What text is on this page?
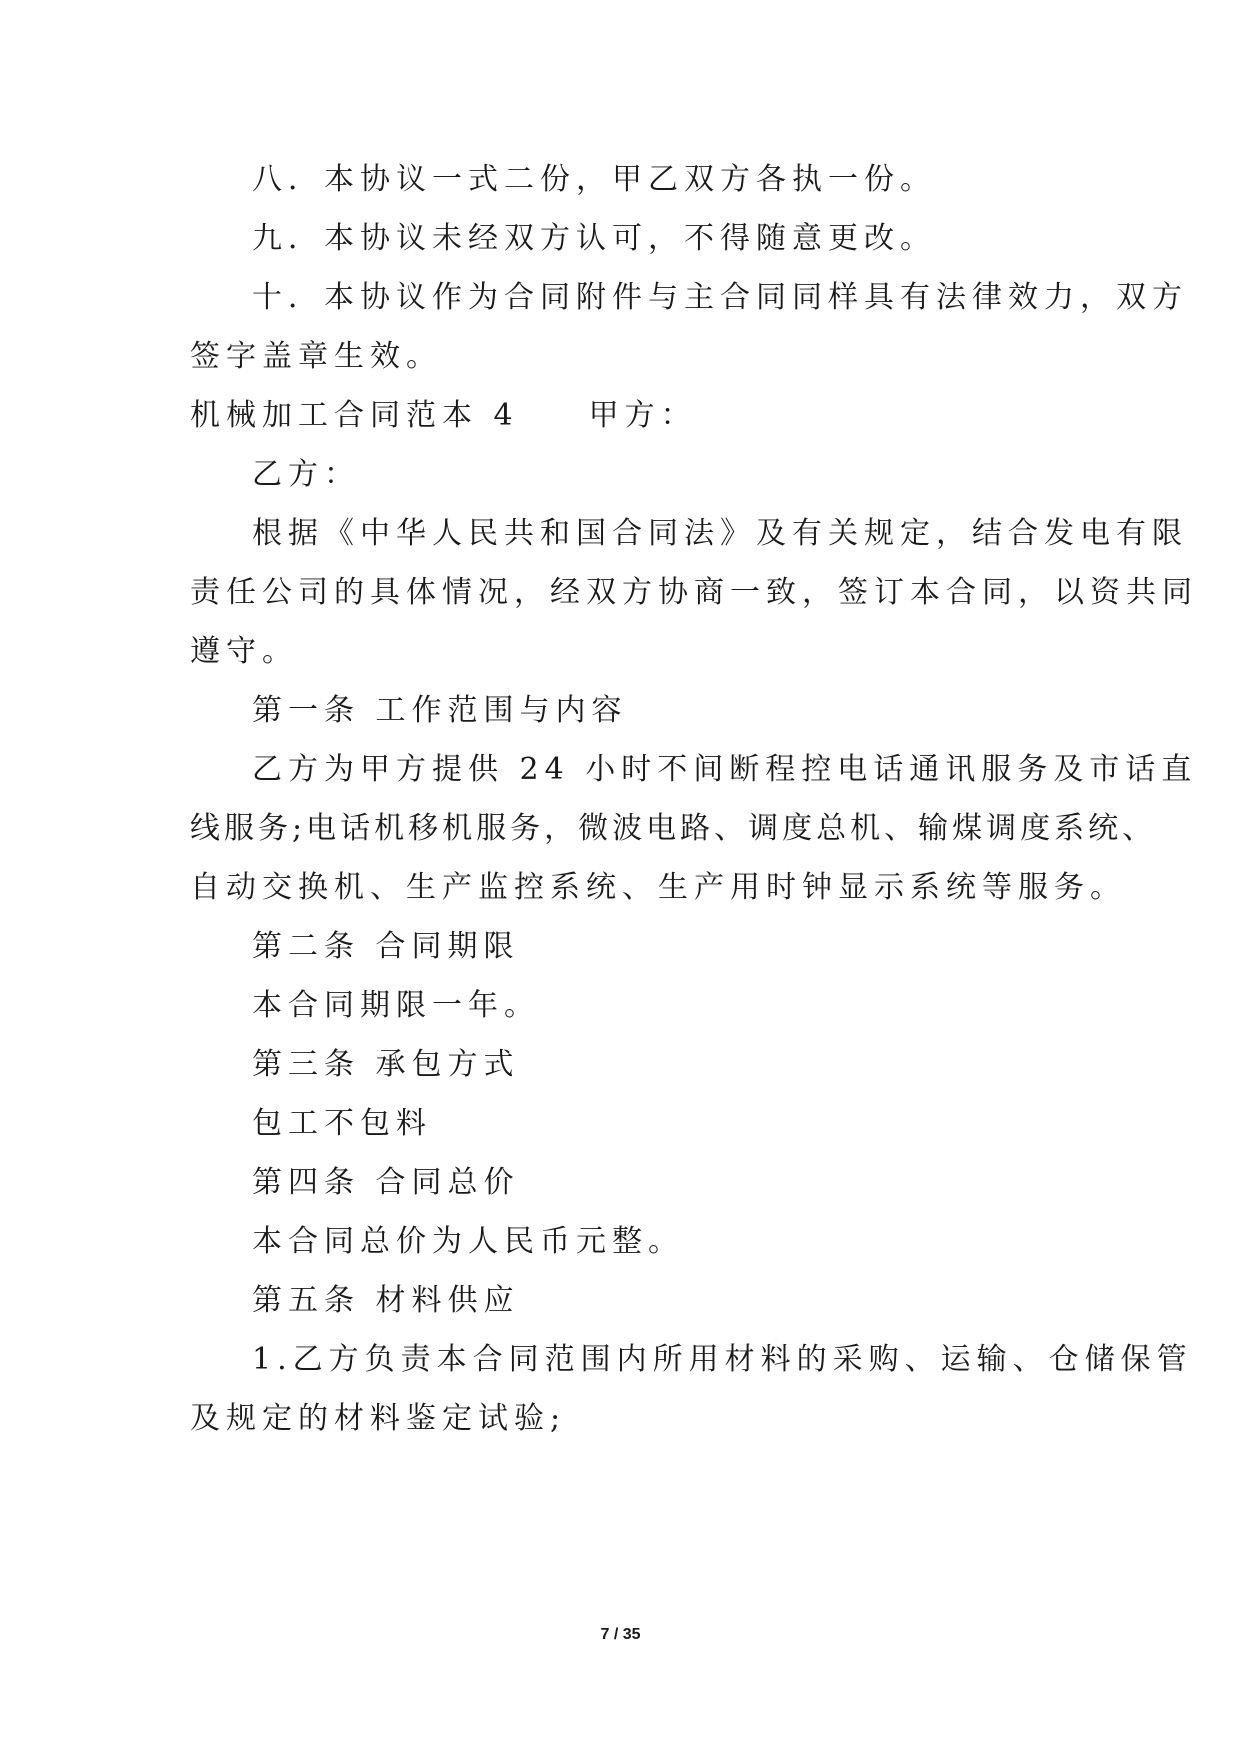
八．本协议一式二份，甲乙双方各执一份。
九．本协议未经双方认可，不得随意更改。
十．本协议作为合同附件与主合同同样具有法律效力，双方
签字盖章生效。
机械加工合同范本 4 甲方：
乙方：
根据《中华人民共和国合同法》及有关规定，结合发电有限
责任公司的具体情况，经双方协商一致，签订本合同，以资共同
遵守。
第一条 工作范围与内容
乙方为甲方提供 24 小时不间断程控电话通讯服务及市话直
线服务;电话机移机服务，微波电路、调度总机、输煤调度系统、
自动交换机、生产监控系统、生产用时钟显示系统等服务。
第二条 合同期限
本合同期限一年。
第三条 承包方式
包工不包料
第四条 合同总价
本合同总价为人民币元整。
第五条 材料供应
1.乙方负责本合同范围内所用材料的采购、运输、仓储保管
及规定的材料鉴定试验;
7 / 35
